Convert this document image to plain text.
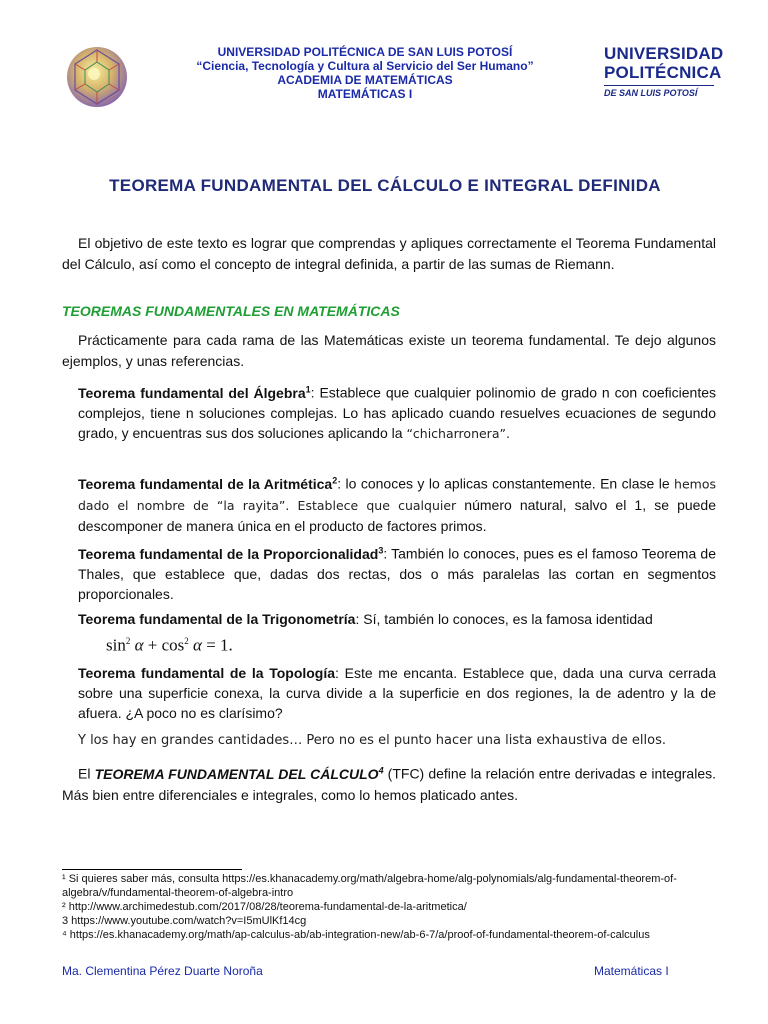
UNIVERSIDAD POLITÉCNICA DE SAN LUIS POTOSÍ
“Ciencia, Tecnología y Cultura al Servicio del Ser Humano”
ACADEMIA DE MATEMÁTICAS
MATEMÁTICAS I
UNIVERSIDAD
POLITÉCNICA
DE SAN LUIS POTOSÍ
TEOREMA FUNDAMENTAL DEL CÁLCULO E INTEGRAL DEFINIDA
El objetivo de este texto es lograr que comprendas y apliques correctamente el Teorema Fundamental del Cálculo, así como el concepto de integral definida, a partir de las sumas de Riemann.
TEOREMAS FUNDAMENTALES EN MATEMÁTICAS
Prácticamente para cada rama de las Matemáticas existe un teorema fundamental. Te dejo algunos ejemplos, y unas referencias.
Teorema fundamental del Álgebra$^1$: Establece que cualquier polinomio de grado n con coeficientes complejos, tiene n soluciones complejas. Lo has aplicado cuando resuelves ecuaciones de segundo grado, y encuentras sus dos soluciones aplicando la “chicharronera”.
Teorema fundamental de la Aritmética$^2$: lo conoces y lo aplicas constantemente. En clase le hemos dado el nombre de “la rayita”. Establece que cualquier número natural, salvo el 1, se puede descomponer de manera única en el producto de factores primos.
Teorema fundamental de la Proporcionalidad$^3$: También lo conoces, pues es el famoso Teorema de Thales, que establece que, dadas dos rectas, dos o más paralelas las cortan en segmentos proporcionales.
Teorema fundamental de la Trigonometría: Sí, también lo conoces, es la famosa identidad
$\sin^2 \alpha + \cos^2 \alpha = 1$.
Teorema fundamental de la Topología: Este me encanta. Establece que, dada una curva cerrada sobre una superficie conexa, la curva divide a la superficie en dos regiones, la de adentro y la de afuera. ¿A poco no es clarísimo?
Y los hay en grandes cantidades… Pero no es el punto hacer una lista exhaustiva de ellos.
El TEOREMA FUNDAMENTAL DEL CÁLCULO$^4$ (TFC) define la relación entre derivadas e integrales. Más bien entre diferenciales e integrales, como lo hemos platicado antes.
¹ Si quieres saber más, consulta https://es.khanacademy.org/math/algebra-home/alg-polynomials/alg-fundamental-theorem-of-algebra/v/fundamental-theorem-of-algebra-intro
² http://www.archimedestub.com/2017/08/28/teorema-fundamental-de-la-aritmetica/
3 https://www.youtube.com/watch?v=I5mUlKf14cg
⁴ https://es.khanacademy.org/math/ap-calculus-ab/ab-integration-new/ab-6-7/a/proof-of-fundamental-theorem-of-calculus
Ma. Clementina Pérez Duarte Noroña	Matemáticas I
